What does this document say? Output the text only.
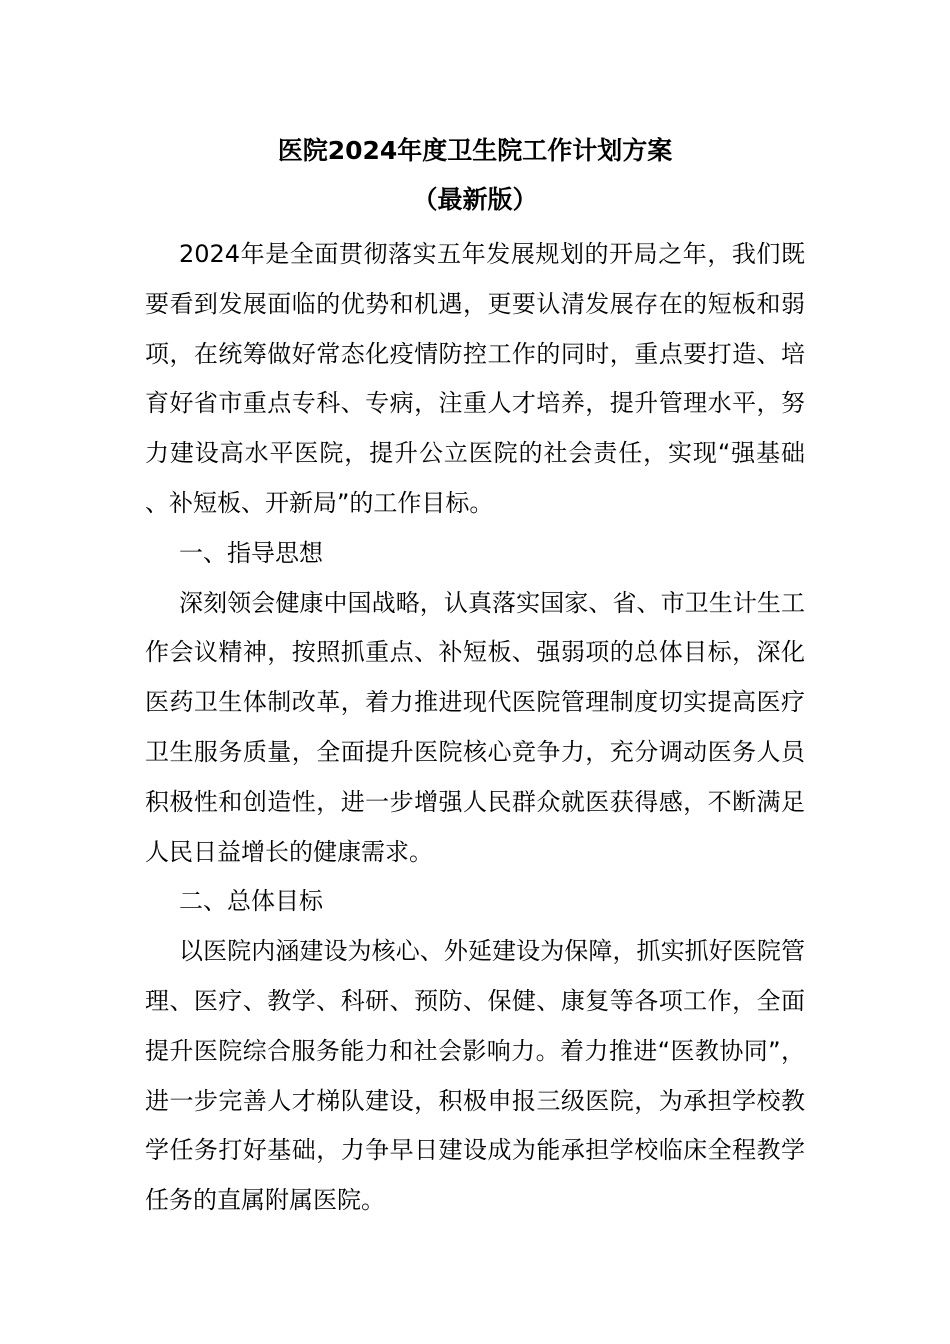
医院2024年度卫生院工作计划方案
（最新版）

2024年是全面贯彻落实五年发展规划的开局之年，我们既要看到发展面临的优势和机遇，更要认清发展存在的短板和弱项，在统筹做好常态化疫情防控工作的同时，重点要打造、培育好省市重点专科、专病，注重人才培养，提升管理水平，努力建设高水平医院，提升公立医院的社会责任，实现“强基础、补短板、开新局”的工作目标。

一、指导思想

深刻领会健康中国战略，认真落实国家、省、市卫生计生工作会议精神，按照抓重点、补短板、强弱项的总体目标，深化医药卫生体制改革，着力推进现代医院管理制度切实提高医疗卫生服务质量，全面提升医院核心竞争力，充分调动医务人员积极性和创造性，进一步增强人民群众就医获得感，不断满足人民日益增长的健康需求。

二、总体目标

以医院内涵建设为核心、外延建设为保障，抓实抓好医院管理、医疗、教学、科研、预防、保健、康复等各项工作，全面提升医院综合服务能力和社会影响力。着力推进“医教协同”，进一步完善人才梯队建设，积极申报三级医院，为承担学校教学任务打好基础，力争早日建设成为能承担学校临床全程教学任务的直属附属医院。
